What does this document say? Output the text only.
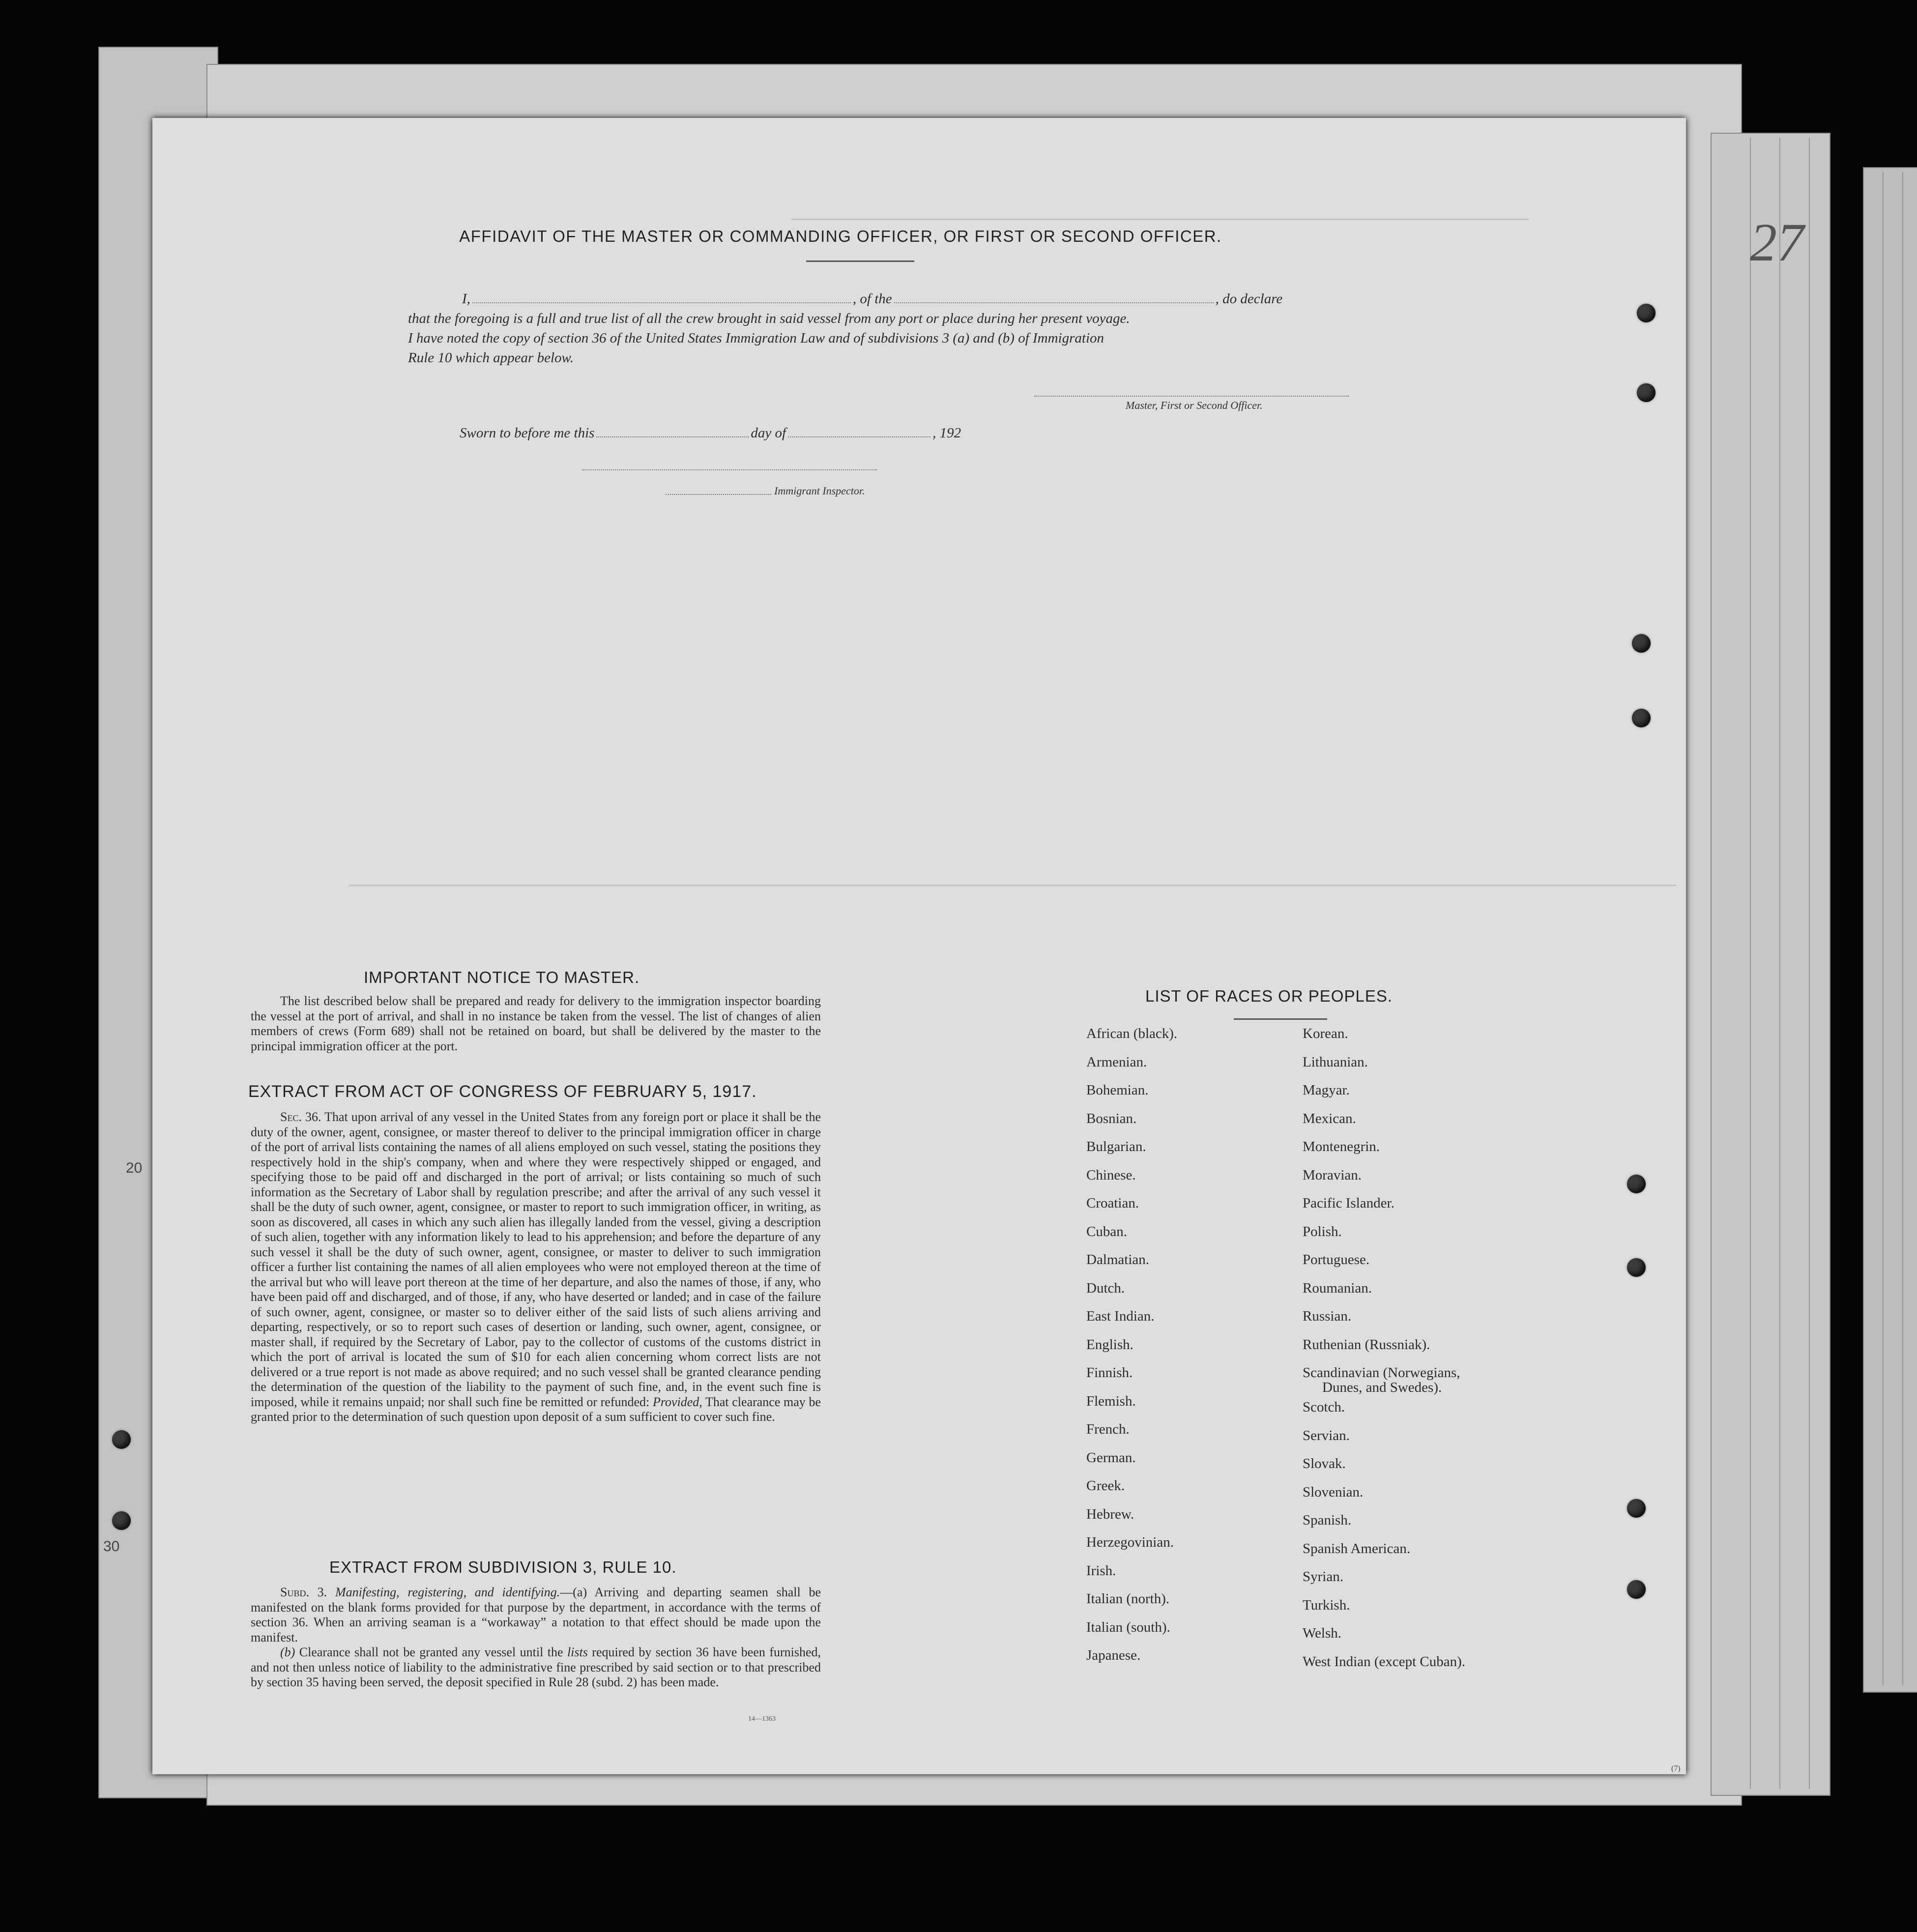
20
30
27
AFFIDAVIT OF THE MASTER OR COMMANDING OFFICER, OR FIRST OR SECOND OFFICER.
I,	, of the	, do declare
that the foregoing is a full and true list of all the crew brought in said vessel from any port or place during her present voyage.
I have noted the copy of section 36 of the United States Immigration Law and of subdivisions 3 (a) and (b) of Immigration
Rule 10 which appear below.
Master, First or Second Officer.
Sworn to before me this	day of	, 192
Immigrant Inspector.
IMPORTANT NOTICE TO MASTER.

The list described below shall be prepared and ready for delivery to the immigration inspector boarding the vessel at the port of arrival, and shall in no instance be taken from the vessel. The list of changes of alien members of crews (Form 689) shall not be retained on board, but shall be delivered by the master to the principal immigration officer at the port.

EXTRACT FROM ACT OF CONGRESS OF FEBRUARY 5, 1917.

Sec. 36. That upon arrival of any vessel in the United States from any foreign port or place it shall be the duty of the owner, agent, consignee, or master thereof to deliver to the principal immigration officer in charge of the port of arrival lists containing the names of all aliens employed on such vessel, stating the positions they respectively hold in the ship's company, when and where they were respectively shipped or engaged, and specifying those to be paid off and discharged in the port of arrival; or lists containing so much of such information as the Secretary of Labor shall by regulation prescribe; and after the arrival of any such vessel it shall be the duty of such owner, agent, consignee, or master to report to such immigration officer, in writing, as soon as discovered, all cases in which any such alien has illegally landed from the vessel, giving a description of such alien, together with any information likely to lead to his apprehension; and before the departure of any such vessel it shall be the duty of such owner, agent, consignee, or master to deliver to such immigration officer a further list containing the names of all alien employees who were not employed thereon at the time of the arrival but who will leave port thereon at the time of her departure, and also the names of those, if any, who have been paid off and discharged, and of those, if any, who have deserted or landed; and in case of the failure of such owner, agent, consignee, or master so to deliver either of the said lists of such aliens arriving and departing, respectively, or so to report such cases of desertion or landing, such owner, agent, consignee, or master shall, if required by the Secretary of Labor, pay to the collector of customs of the customs district in which the port of arrival is located the sum of $10 for each alien concerning whom correct lists are not delivered or a true report is not made as above required; and no such vessel shall be granted clearance pending the determination of the question of the liability to the payment of such fine, and, in the event such fine is imposed, while it remains unpaid; nor shall such fine be remitted or refunded: Provided, That clearance may be granted prior to the determination of such question upon deposit of a sum sufficient to cover such fine.

EXTRACT FROM SUBDIVISION 3, RULE 10.

Subd. 3. Manifesting, registering, and identifying.—(a) Arriving and departing seamen shall be manifested on the blank forms provided for that purpose by the department, in accordance with the terms of section 36. When an arriving seaman is a “workaway” a notation to that effect should be made upon the manifest.

(b) Clearance shall not be granted any vessel until the lists required by section 36 have been furnished, and not then unless notice of liability to the administrative fine prescribed by said section or to that prescribed by section 35 having been served, the deposit specified in Rule 28 (subd. 2) has been made.

14—1363
LIST OF RACES OR PEOPLES.
African (black).
Armenian.
Bohemian.
Bosnian.
Bulgarian.
Chinese.
Croatian.
Cuban.
Dalmatian.
Dutch.
East Indian.
English.
Finnish.
Flemish.
French.
German.
Greek.
Hebrew.
Herzegovinian.
Irish.
Italian (north).
Italian (south).
Japanese.
Korean.
Lithuanian.
Magyar.
Mexican.
Montenegrin.
Moravian.
Pacific Islander.
Polish.
Portuguese.
Roumanian.
Russian.
Ruthenian (Russniak).
Scandinavian (Norwegians,
Dunes, and Swedes).
Scotch.
Servian.
Slovak.
Slovenian.
Spanish.
Spanish American.
Syrian.
Turkish.
Welsh.
West Indian (except Cuban).
(7)
